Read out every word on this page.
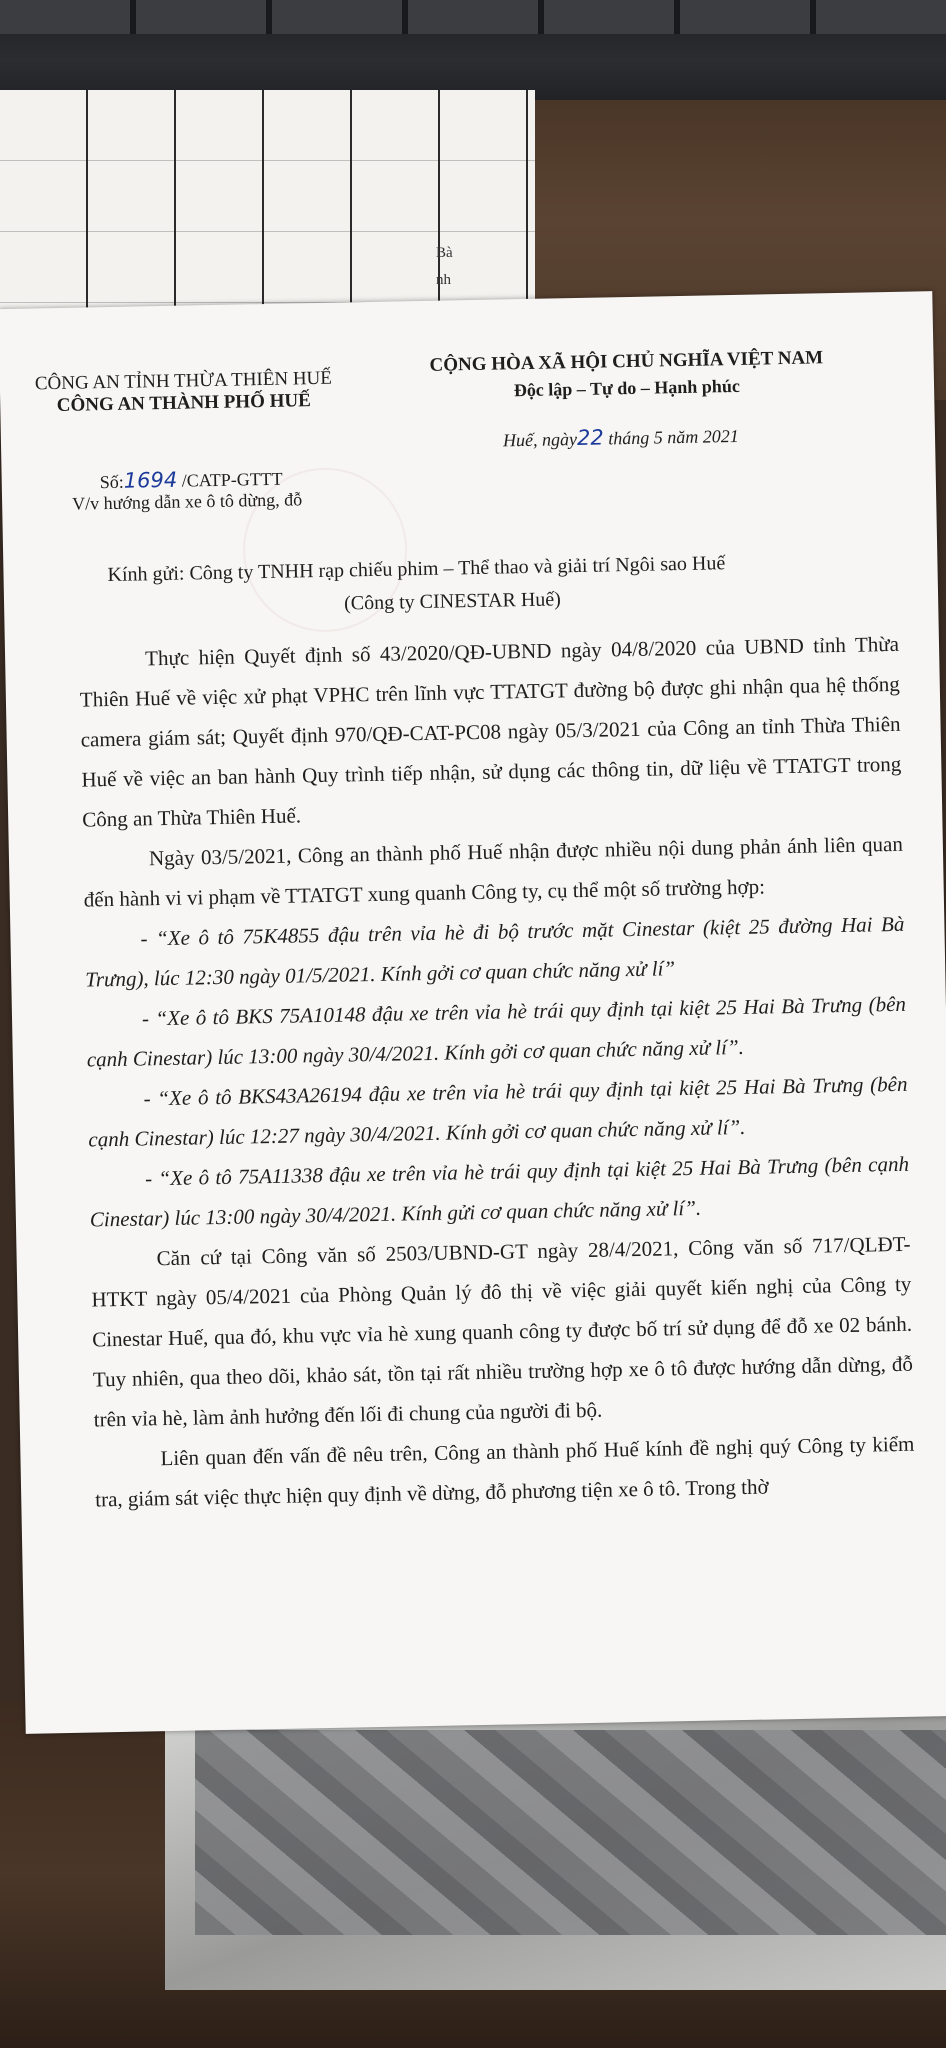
Bà
nh

CÔNG AN TỈNH THỪA THIÊN HUẾ
CÔNG AN THÀNH PHỐ HUẾ
CỘNG HÒA XÃ HỘI CHỦ NGHĨA VIỆT NAM
Độc lập – Tự do – Hạnh phúc
Huế, ngày22 tháng 5 năm 2021
Số:1694 /CATP-GTTT
V/v hướng dẫn xe ô tô dừng, đỗ
Kính gửi: Công ty TNHH rạp chiếu phim – Thể thao và giải trí Ngôi sao Huế
(Công ty CINESTAR Huế)

Thực hiện Quyết định số 43/2020/QĐ-UBND ngày 04/8/2020 của UBND tỉnh Thừa Thiên Huế về việc xử phạt VPHC trên lĩnh vực TTATGT đường bộ được ghi nhận qua hệ thống camera giám sát; Quyết định 970/QĐ-CAT-PC08 ngày 05/3/2021 của Công an tỉnh Thừa Thiên Huế về việc an ban hành Quy trình tiếp nhận, sử dụng các thông tin, dữ liệu về TTATGT trong Công an Thừa Thiên Huế.

Ngày 03/5/2021, Công an thành phố Huế nhận được nhiều nội dung phản ánh liên quan đến hành vi vi phạm về TTATGT xung quanh Công ty, cụ thể một số trường hợp:

- “Xe ô tô 75K4855 đậu trên vỉa hè đi bộ trước mặt Cinestar (kiệt 25 đường Hai Bà Trưng), lúc 12:30 ngày 01/5/2021. Kính gởi cơ quan chức năng xử lí”

- “Xe ô tô BKS 75A10148 đậu xe trên vỉa hè trái quy định tại kiệt 25 Hai Bà Trưng (bên cạnh Cinestar) lúc 13:00 ngày 30/4/2021. Kính gởi cơ quan chức năng xử lí”.

- “Xe ô tô BKS43A26194 đậu xe trên vỉa hè trái quy định tại kiệt 25 Hai Bà Trưng (bên cạnh Cinestar) lúc 12:27 ngày 30/4/2021. Kính gởi cơ quan chức năng xử lí”.

- “Xe ô tô 75A11338 đậu xe trên vỉa hè trái quy định tại kiệt 25 Hai Bà Trưng (bên cạnh Cinestar) lúc 13:00 ngày 30/4/2021. Kính gửi cơ quan chức năng xử lí”.

Căn cứ tại Công văn số 2503/UBND-GT ngày 28/4/2021, Công văn số 717/QLĐT-HTKT ngày 05/4/2021 của Phòng Quản lý đô thị về việc giải quyết kiến nghị của Công ty Cinestar Huế, qua đó, khu vực vỉa hè xung quanh công ty được bố trí sử dụng để đỗ xe 02 bánh. Tuy nhiên, qua theo dõi, khảo sát, tồn tại rất nhiều trường hợp xe ô tô được hướng dẫn dừng, đỗ trên vỉa hè, làm ảnh hưởng đến lối đi chung của người đi bộ.

Liên quan đến vấn đề nêu trên, Công an thành phố Huế kính đề nghị quý Công ty kiểm tra, giám sát việc thực hiện quy định về dừng, đỗ phương tiện xe ô tô. Trong thờ
